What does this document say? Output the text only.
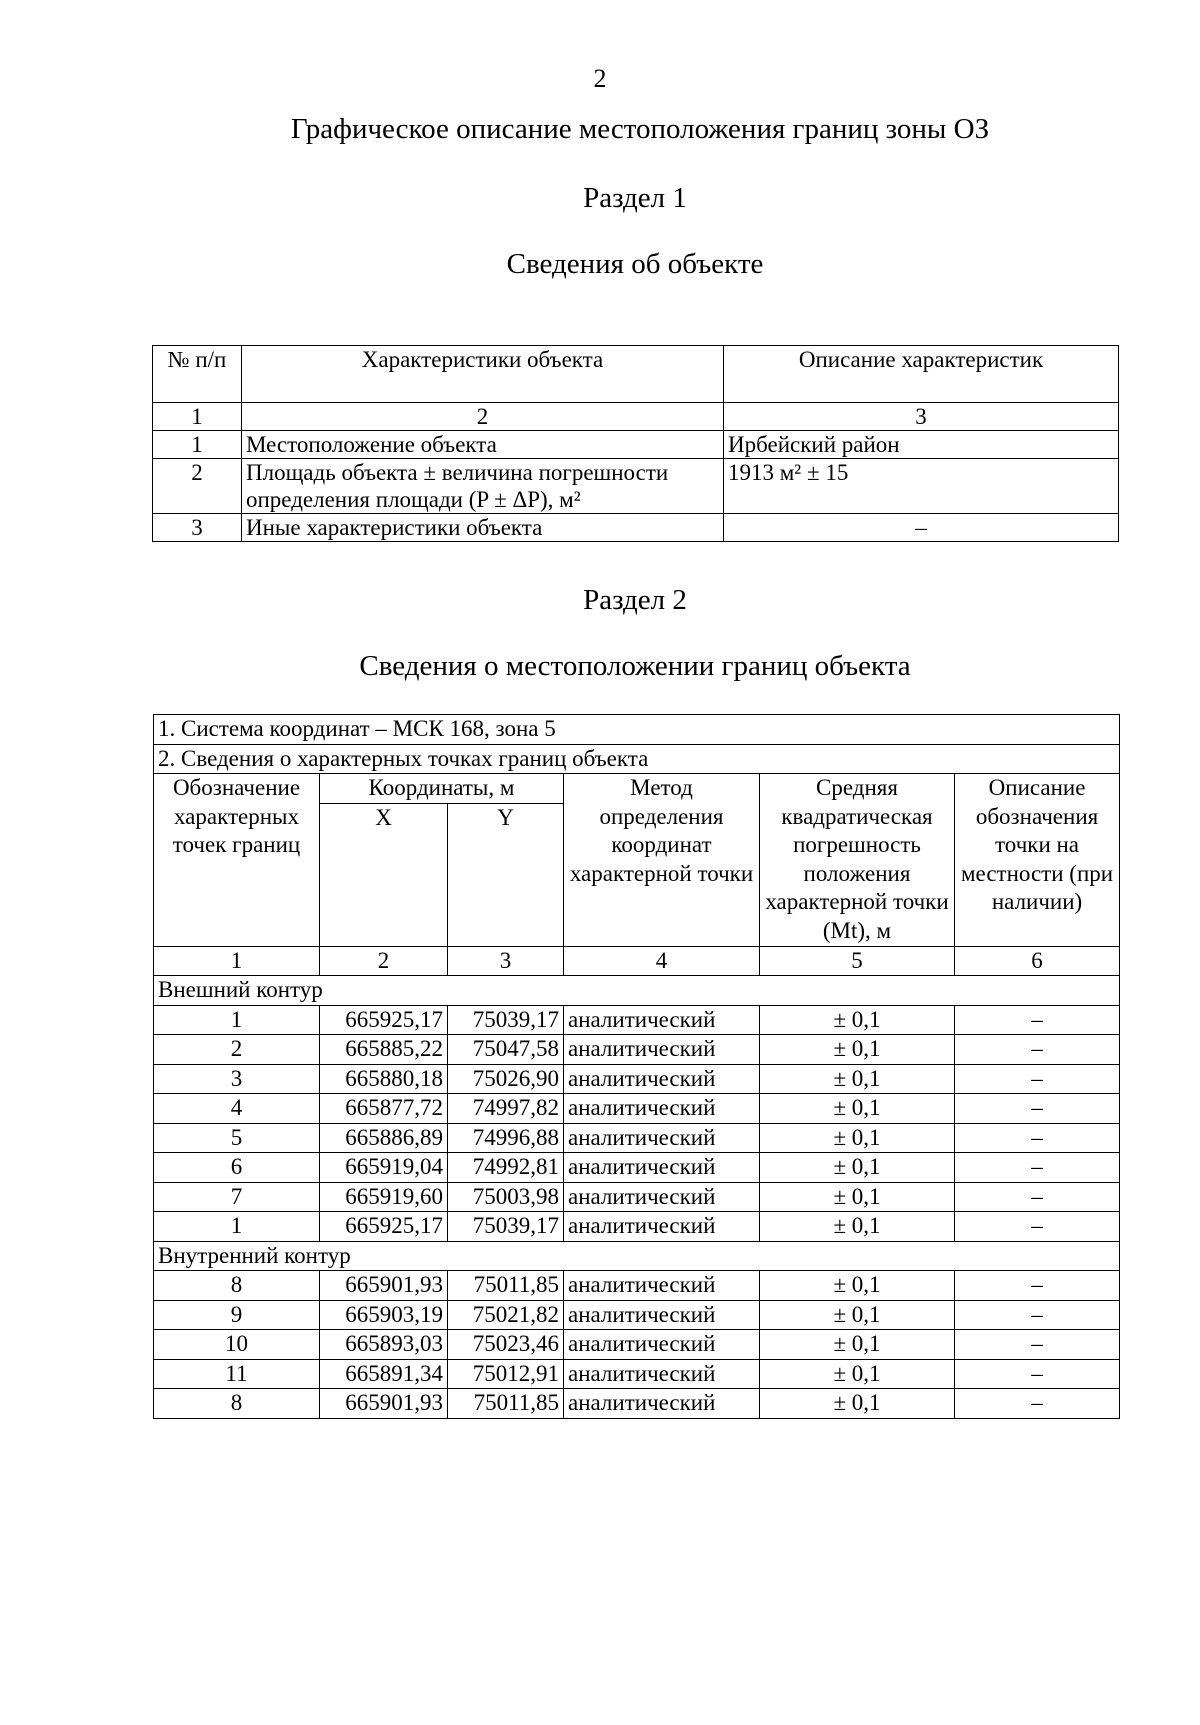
2
Графическое описание местоположения границ зоны ОЗ
Раздел 1
Сведения об объекте
№ п/п	Характеристики объекта	Описание характеристик
1	2	3
1	Местоположение объекта	Ирбейский район
2	Площадь объекта ± величина погрешности определения площади (P ± ΔP), м²	1913 м² ± 15
3	Иные характеристики объекта	–
Раздел 2
Сведения о местоположении границ объекта
1. Система координат – МСК 168, зона 5					
2. Сведения о характерных точках границ объекта					
Обозначение характерных точек границ	Координаты, м		Метод определения координат характерной точки	Средняя квадратическая погрешность положения характерной точки (Mt), м	Описание обозначения точки на местности (при наличии)
	X	Y			
1	2	3	4	5	6
Внешний контур					
1	665925,17	75039,17	аналитический	± 0,1	–
2	665885,22	75047,58	аналитический	± 0,1	–
3	665880,18	75026,90	аналитический	± 0,1	–
4	665877,72	74997,82	аналитический	± 0,1	–
5	665886,89	74996,88	аналитический	± 0,1	–
6	665919,04	74992,81	аналитический	± 0,1	–
7	665919,60	75003,98	аналитический	± 0,1	–
1	665925,17	75039,17	аналитический	± 0,1	–
Внутренний контур					
8	665901,93	75011,85	аналитический	± 0,1	–
9	665903,19	75021,82	аналитический	± 0,1	–
10	665893,03	75023,46	аналитический	± 0,1	–
11	665891,34	75012,91	аналитический	± 0,1	–
8	665901,93	75011,85	аналитический	± 0,1	–
